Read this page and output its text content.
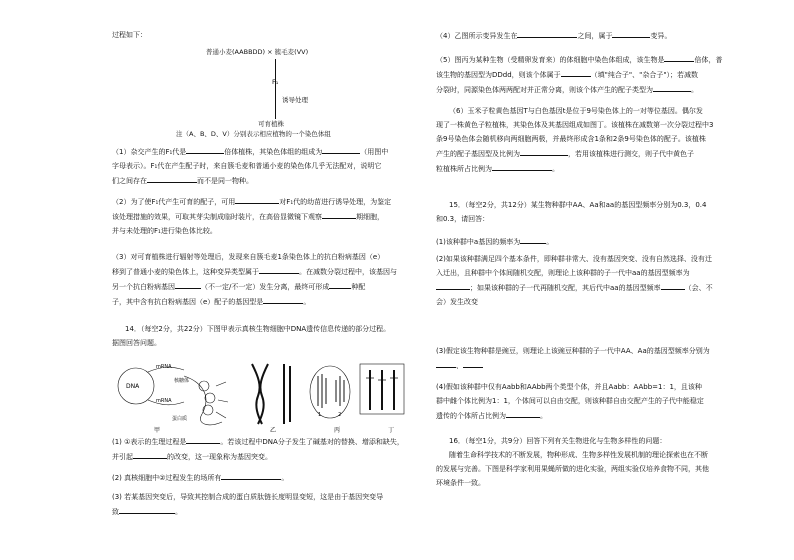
过程如下：
普通小麦(AABBDD) × 簇毛麦(VV)
F₁
诱导处理
可育植株
注（A、B、D、V）分别表示相应植物的一个染色体组
（1）杂交产生的F₁代是	倍体植株，其染色体组的组成为	（用图中
字母表示）。F₁代在产生配子时，来自簇毛麦和普通小麦的染色体几乎无法配对，说明它
们之间存在	而不是同一物种。
（2）为了使F₁代产生可育的配子，可用	对F₁代的幼苗进行诱导处理，为鉴定
该处理措施的效果，可取其芽尖制成临时装片，在高倍显微镜下观察	期细胞，
并与未处理的F₁进行染色体比较。
（3）对可育植株进行辐射等处理后，发现来自簇毛麦1条染色体上的抗白粉病基因（e）
移到了普通小麦的染色体上，这种变异类型属于	。在减数分裂过程中，该基因与
另一个抗白粉病基因	（不一定/不一定）发生分离，最终可形成	种配
子，其中含有抗白粉病基因（e）配子的基因型是	。
14．（每空2分，共22分）下图甲表示真核生物细胞中DNA遗传信息传递的部分过程。
据图回答问题。
DNA
mRNA
核糖体
mRNA
蛋白质
甲	乙
1	2
丙	丁
(1) ①表示的生理过程是	。若该过程中DNA分子发生了碱基对的替换、增添和缺失，
并引起	的改变，这一现象称为基因突变。
(2) 真核细胞中②过程发生的场所有	。
(3) 若某基因突变后，导致其控制合成的蛋白质肽链长度明显变短，这是由于基因突变导
致	。
（4）乙图所示变异发生在	之间，属于	变异。
（5）图丙为某种生物（受精卵发育来）的体细胞中染色体组成，该生物是	倍体，普
该生物的基因型为DDdd，则该个体属于	（填"纯合子"、"杂合子"）；若减数
分裂时，同源染色体两两配对并正常分离，则该个体产生的配子类型为	。
（6）玉米子粒黄色基因T与白色基因t是位于9号染色体上的一对等位基因。偶尔发
现了一株黄色子粒植株，其染色体及其基因组成如图丁。该植株在减数第一次分裂过程中3
条9号染色体会随机移向两细胞两极，并最终形成含1条和2条9号染色体的配子。该植株
产生的配子基因型及比例为	，若用该植株进行测交，则子代中黄色子
粒植株所占比例为	。
15．（每空2分，共12分）某生物种群中AA、Aa和aa的基因型频率分别为0.3，0.4
和0.3，请回答：
(1)该种群中a基因的频率为	。
(2)如果该种群满足四个基本条件，即种群非常大、没有基因突变、没有自然选择、没有迁
入迁出，且种群中个体间随机交配，则理论上该种群的子一代中aa的基因型频率为
；如果该种群的子一代再随机交配，其后代中aa的基因型频率	（会、不
会）发生改变
(3)假定该生物种群是豌豆，则理论上该豌豆种群的子一代中AA、Aa的基因型频率分别为
、
(4)假如该种群中仅有Aabb和AAbb两个类型个体，并且Aabb：AAbb=1：1，且该种
群中雌个体比例为1：1，个体间可以自由交配，则该种群自由交配产生的子代中能稳定
遗传的个体所占比例为	。
16．（每空1分，共9分）回答下列有关生物进化与生物多样性的问题：
随着生命科学技术的不断发展，物种形成、生物多样性发展机制的理论探索也在不断
的发展与完善。下图是科学家利用果蝇所做的进化实验，两组实验仅培养食物不同，其他
环境条件一致。
